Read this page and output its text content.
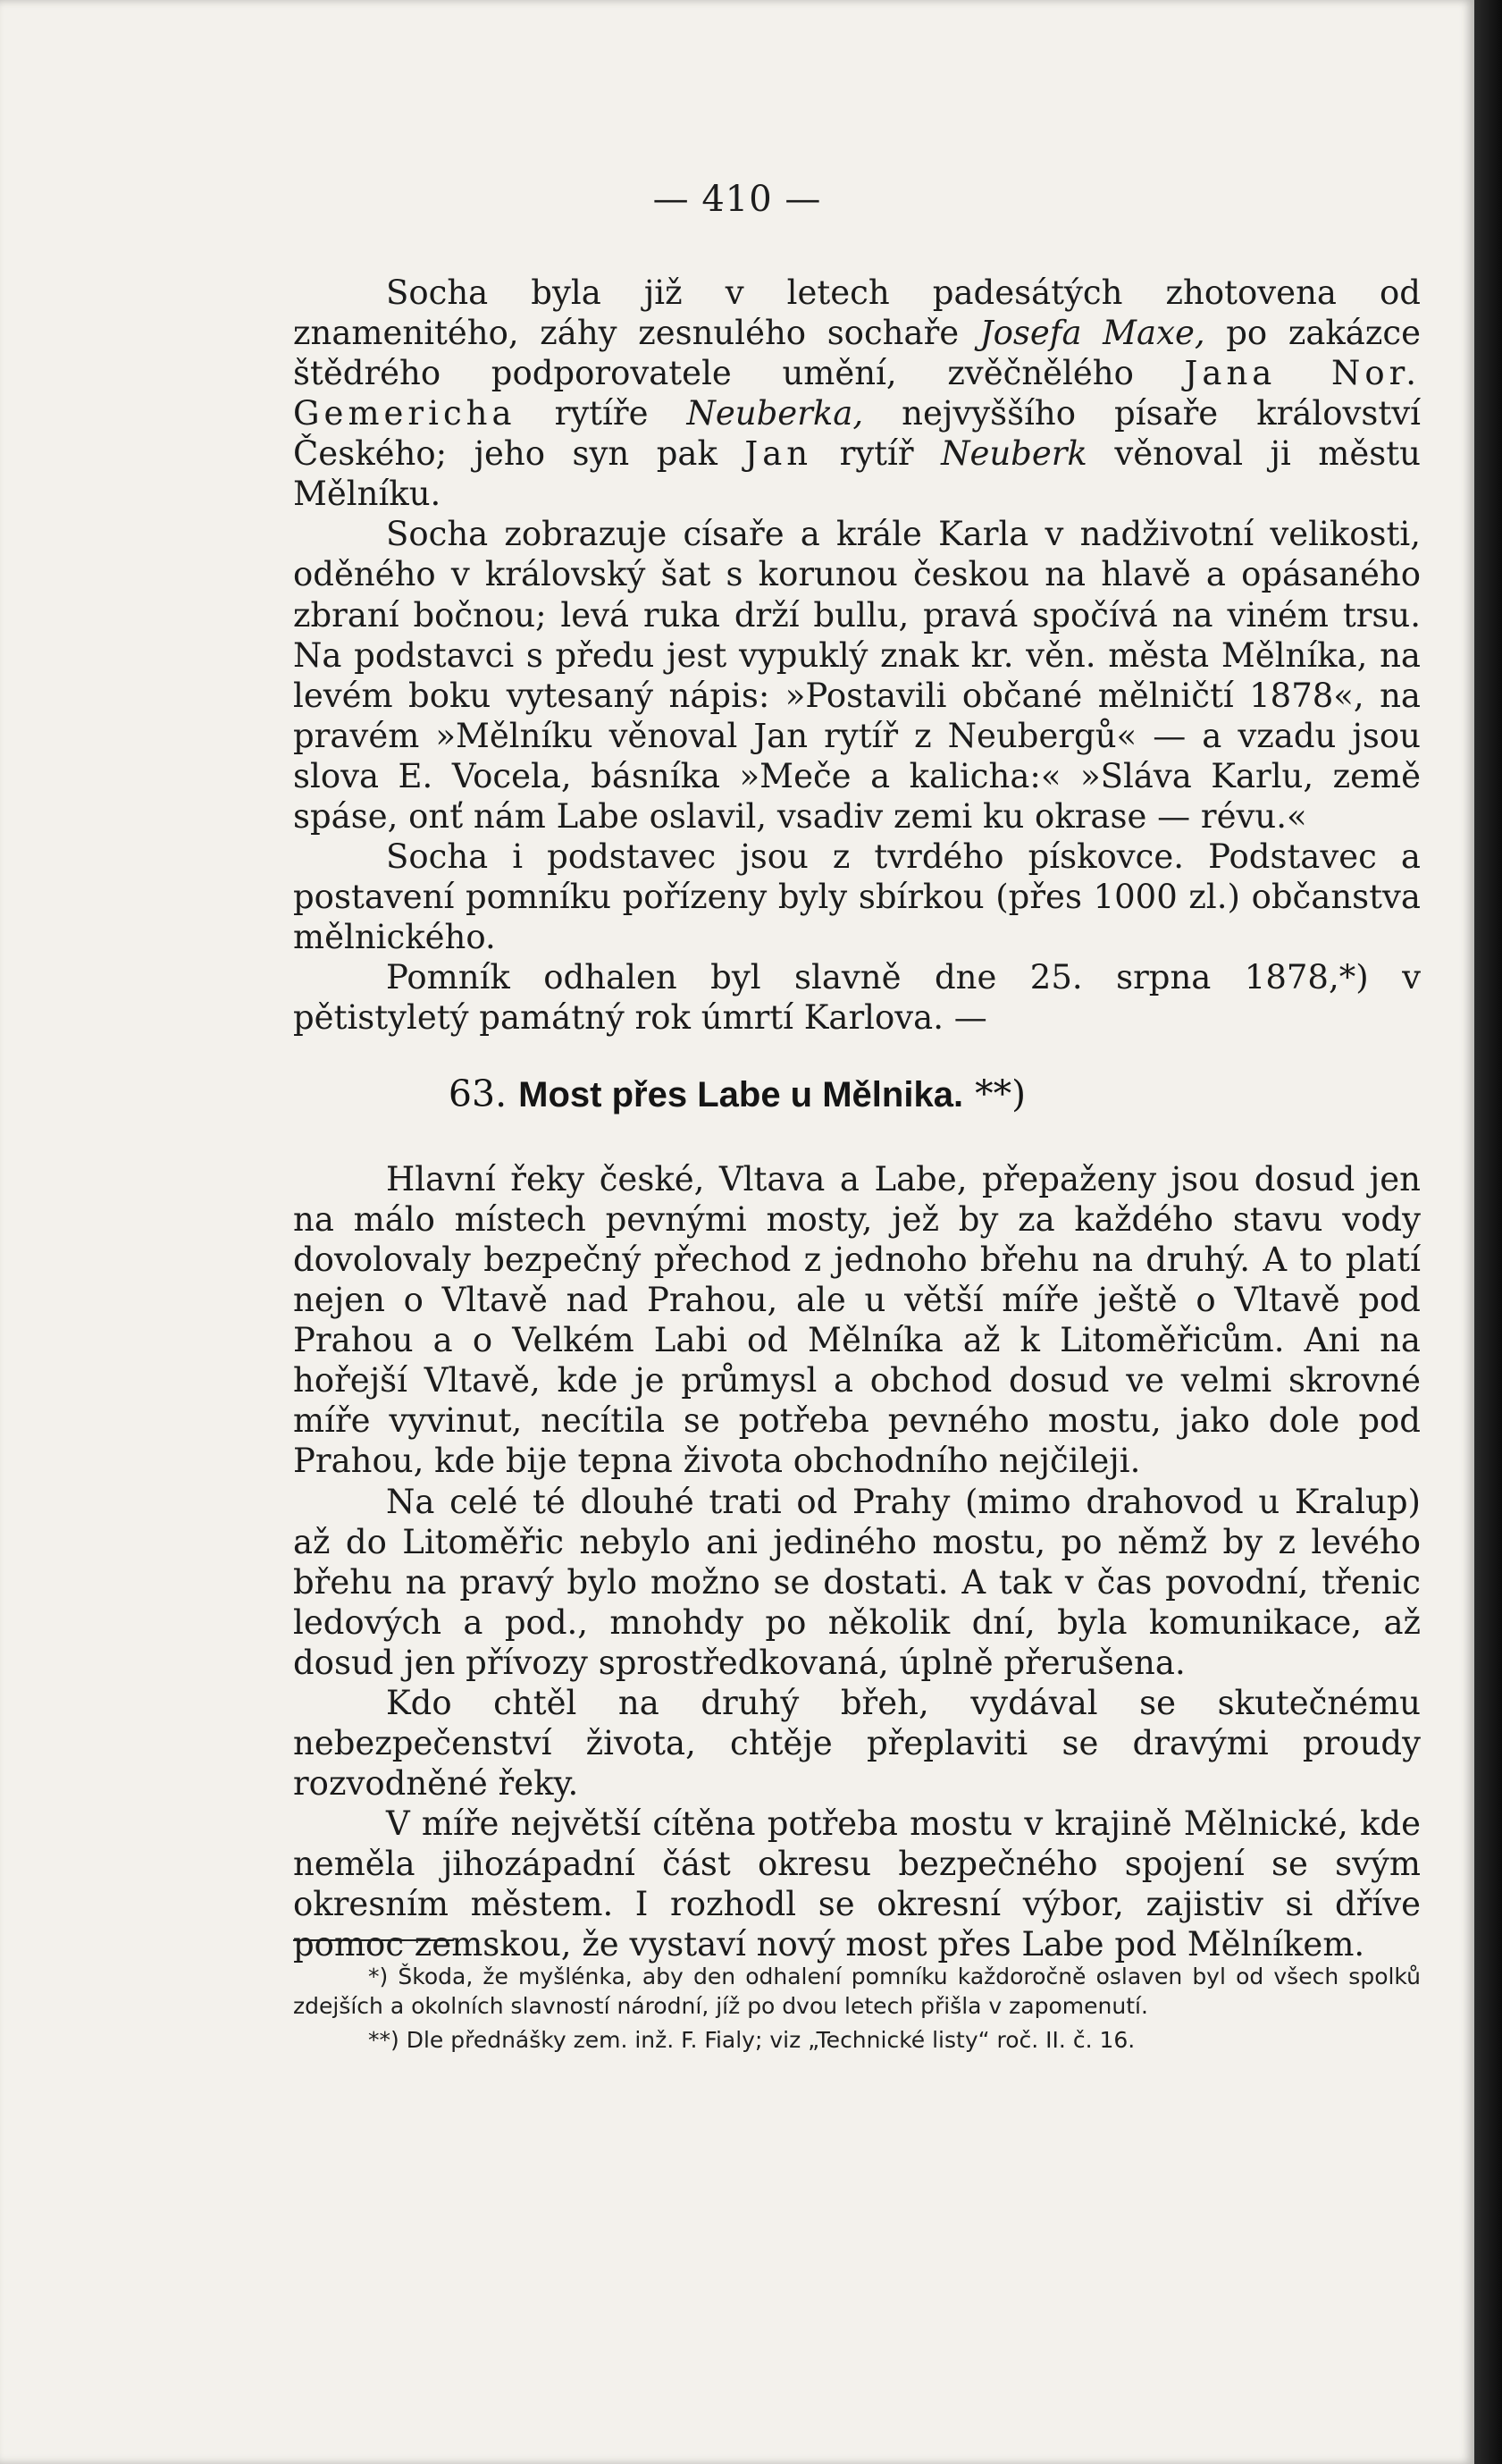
— 410 —

Socha byla již v letech padesátých zhotovena od znamenitého, záhy zesnulého sochaře Josefa Maxe, po zakázce štědrého podporovatele umění, zvěčnělého Jana Nor. Gemericha rytíře Neuberka, nejvyššího písaře království Českého; jeho syn pak Jan rytíř Neuberk věnoval ji městu Mělníku.

Socha zobrazuje císaře a krále Karla v nadživotní velikosti, oděného v královský šat s korunou českou na hlavě a opásaného zbraní bočnou; levá ruka drží bullu, pravá spočívá na viném trsu. Na podstavci s předu jest vypuklý znak kr. věn. města Mělníka, na levém boku vytesaný nápis: »Postavili občané mělničtí 1878«, na pravém »Mělníku věnoval Jan rytíř z Neubergů« — a vzadu jsou slova E. Vocela, básníka »Meče a kalicha:« »Sláva Karlu, země spáse, onť nám Labe oslavil, vsadiv zemi ku okrase — révu.«

Socha i podstavec jsou z tvrdého pískovce. Podstavec a postavení pomníku pořízeny byly sbírkou (přes 1000 zl.) občanstva mělnického.

Pomník odhalen byl slavně dne 25. srpna 1878,*) v pětistyletý památný rok úmrtí Karlova. —

63. Most přes Labe u Mělnika. **)

Hlavní řeky české, Vltava a Labe, přepaženy jsou dosud jen na málo místech pevnými mosty, jež by za každého stavu vody dovolovaly bezpečný přechod z jednoho břehu na druhý. A to platí nejen o Vltavě nad Prahou, ale u větší míře ještě o Vltavě pod Prahou a o Velkém Labi od Mělníka až k Litoměřicům. Ani na hořejší Vltavě, kde je průmysl a obchod dosud ve velmi skrovné míře vyvinut, necítila se potřeba pevného mostu, jako dole pod Prahou, kde bije tepna života obchodního nejčileji.

Na celé té dlouhé trati od Prahy (mimo drahovod u Kralup) až do Litoměřic nebylo ani jediného mostu, po němž by z levého břehu na pravý bylo možno se dostati. A tak v čas povodní, třenic ledových a pod., mnohdy po několik dní, byla komunikace, až dosud jen přívozy sprostředkovaná, úplně přerušena.

Kdo chtěl na druhý břeh, vydával se skutečnému nebezpečenství života, chtěje přeplaviti se dravými proudy rozvodněné řeky.

V míře největší cítěna potřeba mostu v krajině Mělnické, kde neměla jihozápadní část okresu bezpečného spojení se svým okresním městem. I rozhodl se okresní výbor, zajistiv si dříve pomoc zemskou, že vystaví nový most přes Labe pod Mělníkem.

*) Škoda, že myšlénka, aby den odhalení pomníku každoročně oslaven byl od všech spolků zdejších a okolních slavností národní, jíž po dvou letech přišla v zapomenutí.

**) Dle přednášky zem. inž. F. Fialy; viz „Technické listy“ roč. II. č. 16.
